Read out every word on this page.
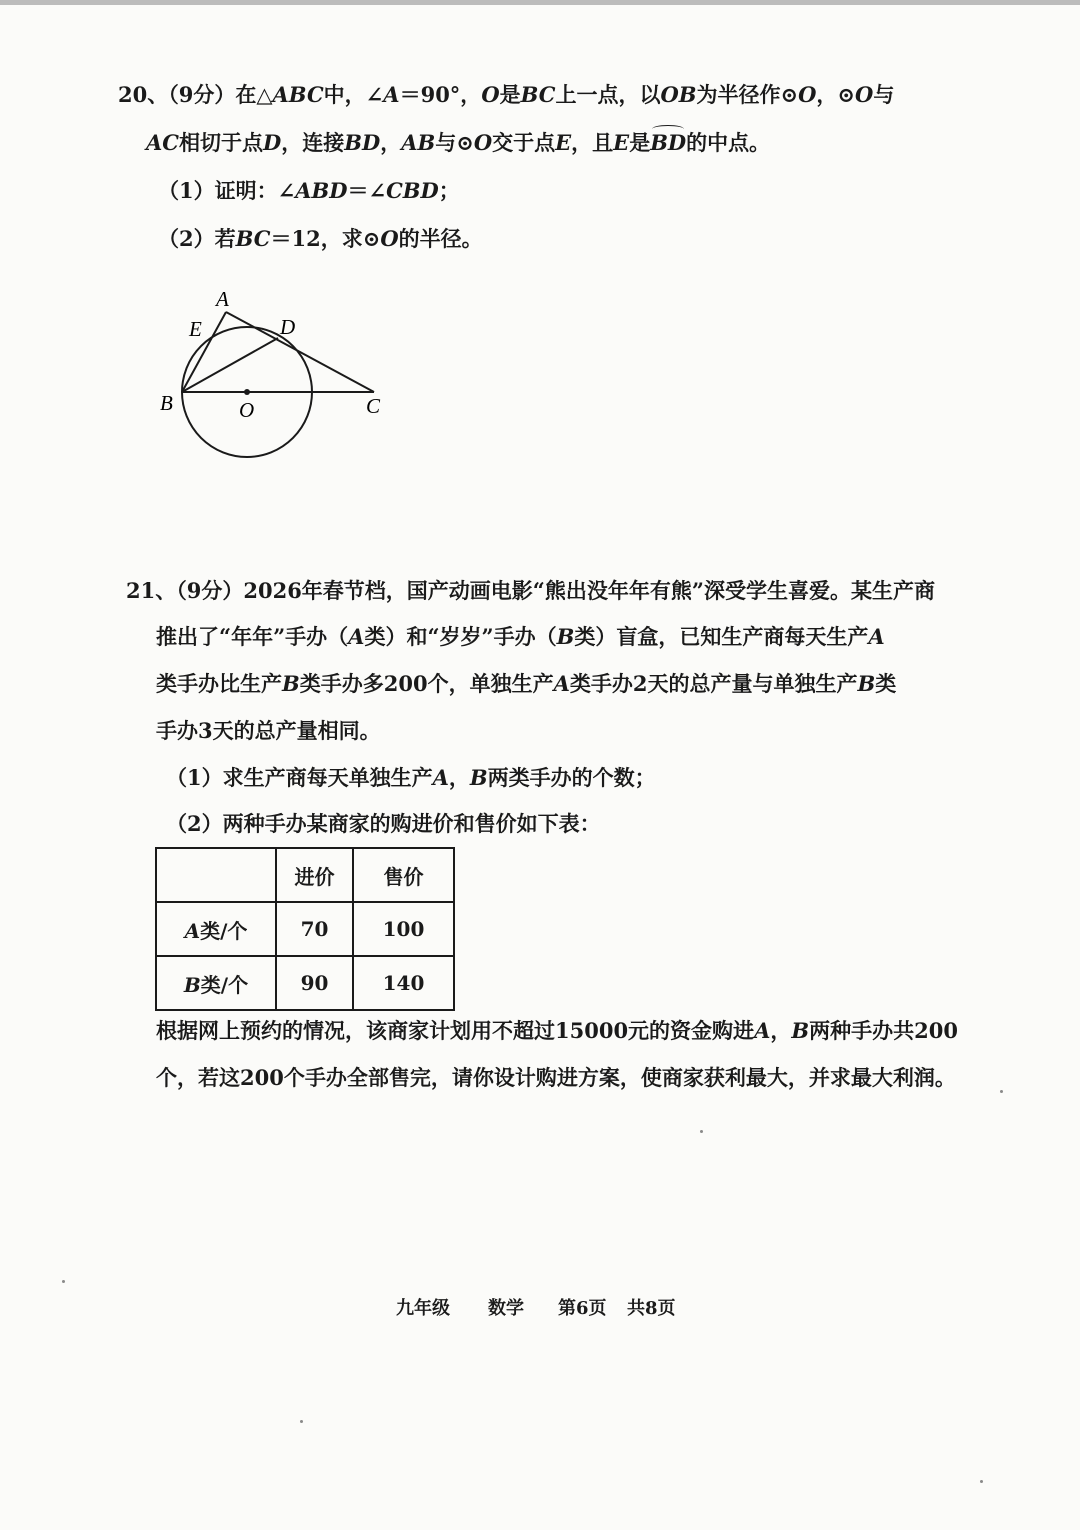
20、（9分）在△ABC中，∠A＝90°，O是BC上一点，以OB为半径作⊙O，⊙O与
AC相切于点D，连接BD，AB与⊙O交于点E，且E是BD的中点。
（1）证明：∠ABD＝∠CBD；
（2）若BC＝12，求⊙O的半径。
A
E	D
B	O	C
21、（9分）2026年春节档，国产动画电影“熊出没年年有熊”深受学生喜爱。某生产商
推出了“年年”手办（A类）和“岁岁”手办（B类）盲盒，已知生产商每天生产A
类手办比生产B类手办多200个，单独生产A类手办2天的总产量与单独生产B类
手办3天的总产量相同。
（1）求生产商每天单独生产A，B两类手办的个数；
（2）两种手办某商家的购进价和售价如下表：
	进价	售价
A类/个	70	100
B类/个	90	140
根据网上预约的情况，该商家计划用不超过15000元的资金购进A，B两种手办共200
个，若这200个手办全部售完，请你设计购进方案，使商家获利最大，并求最大利润。
九年级 数学 第6页 共8页
